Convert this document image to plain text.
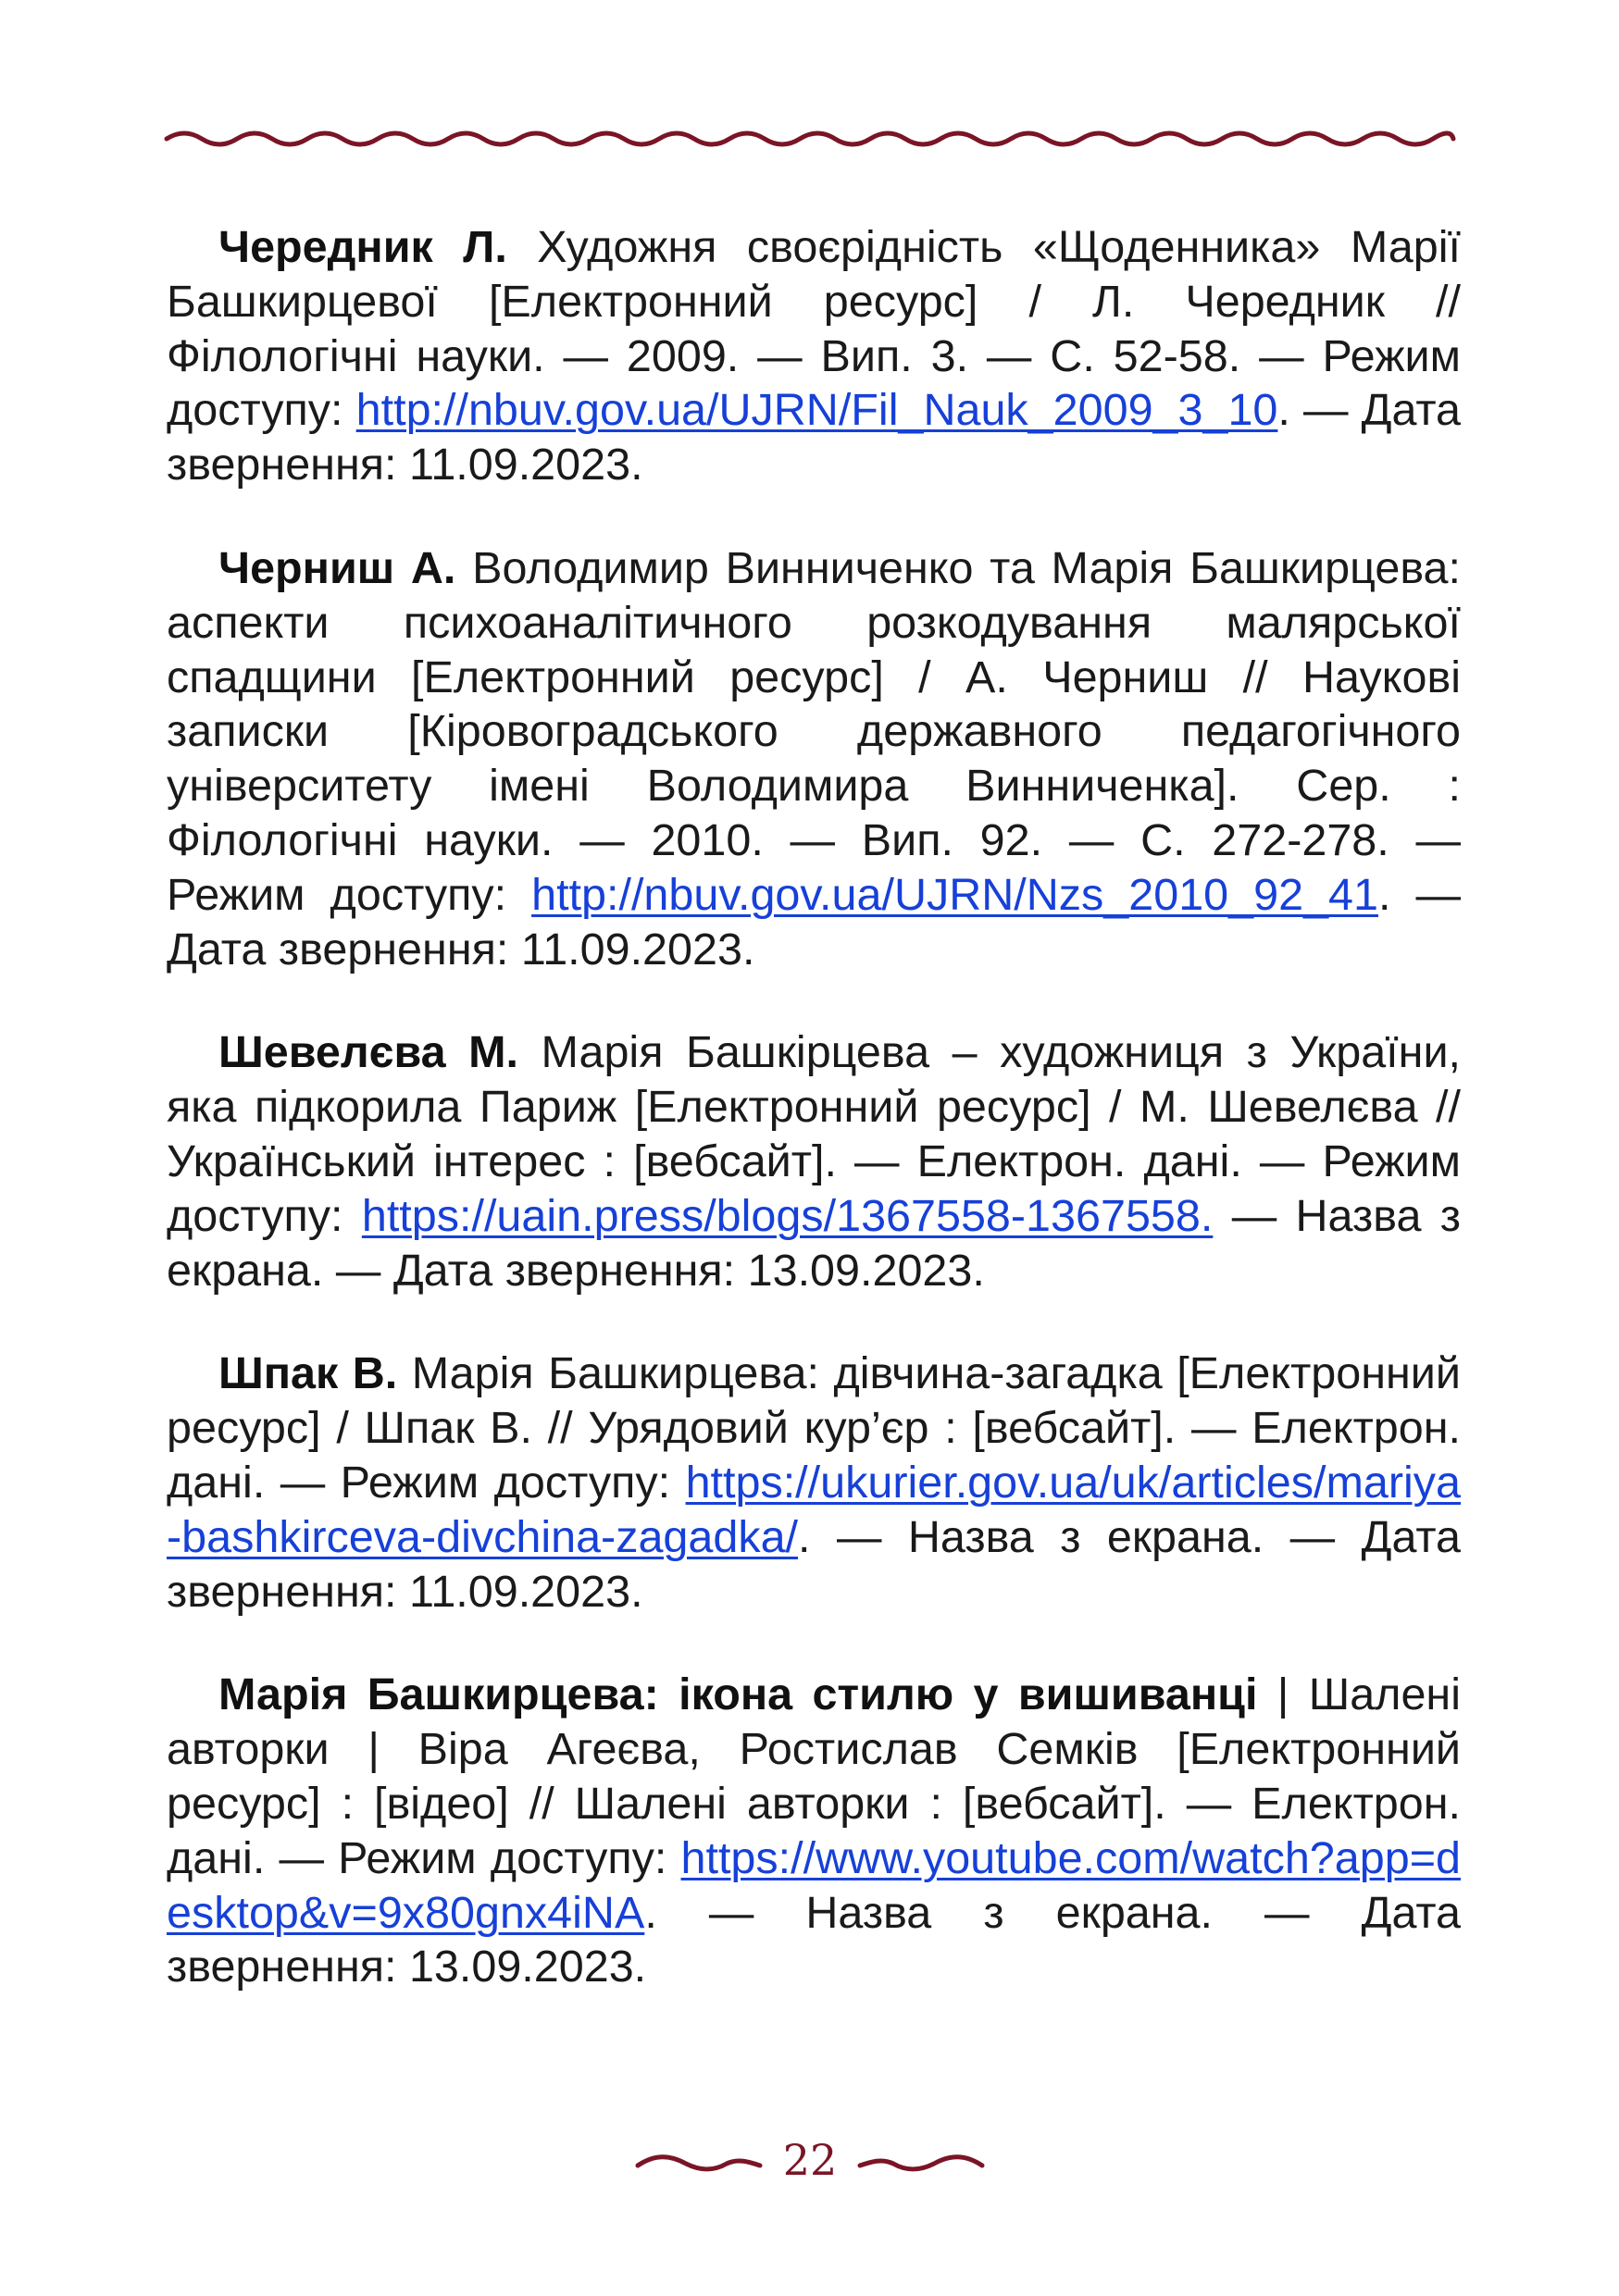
Чередник Л. Художня своєрідність «Щоденника» Марії Башкирцевої [Електронний ресурс] / Л. Чередник // Філологічні науки. — 2009. — Вип. 3. — С. 52-58. — Режим доступу: http://nbuv.gov.ua/UJRN/Fil_Nauk_2009_3_10. — Дата звернення: 11.09.2023.

Черниш А. Володимир Винниченко та Марія Башкирцева: аспекти психоаналітичного розкодування малярської спадщини [Електронний ресурс] / А. Черниш // Наукові записки [Кіровоградського державного педагогічного університету імені Володимира Винниченка]. Сер. : Філологічні науки. — 2010. — Вип. 92. — С. 272-278. — Режим доступу: http://nbuv.gov.ua/UJRN/Nzs_2010_92_41. — Дата звернення: 11.09.2023.

Шевелєва М. Марія Башкірцева – художниця з України, яка підкорила Париж [Електронний ресурс] / М. Шевелєва // Український інтерес : [вебсайт]. — Електрон. дані. — Режим доступу: https://uain.press/blogs/1367558-1367558. — Назва з екрана. — Дата звернення: 13.09.2023.

Шпак В. Марія Башкирцева: дівчина-загадка [Електронний ресурс] / Шпак В. // Урядовий кур’єр : [вебсайт]. — Електрон. дані. — Режим доступу: https://ukurier.gov.ua/uk/articles/mariya-bashkirceva-divchina-zagadka/. — Назва з екрана. — Дата звернення: 11.09.2023.

Марія Башкирцева: ікона стилю у вишиванці | Шалені авторки | Віра Агеєва, Ростислав Семків [Електронний ресурс] : [відео] // Шалені авторки : [вебсайт]. — Електрон. дані. — Режим доступу: https://www.youtube.com/watch?app=desktop&v=9x80gnx4iNA. — Назва з екрана. — Дата звернення: 13.09.2023.

22
